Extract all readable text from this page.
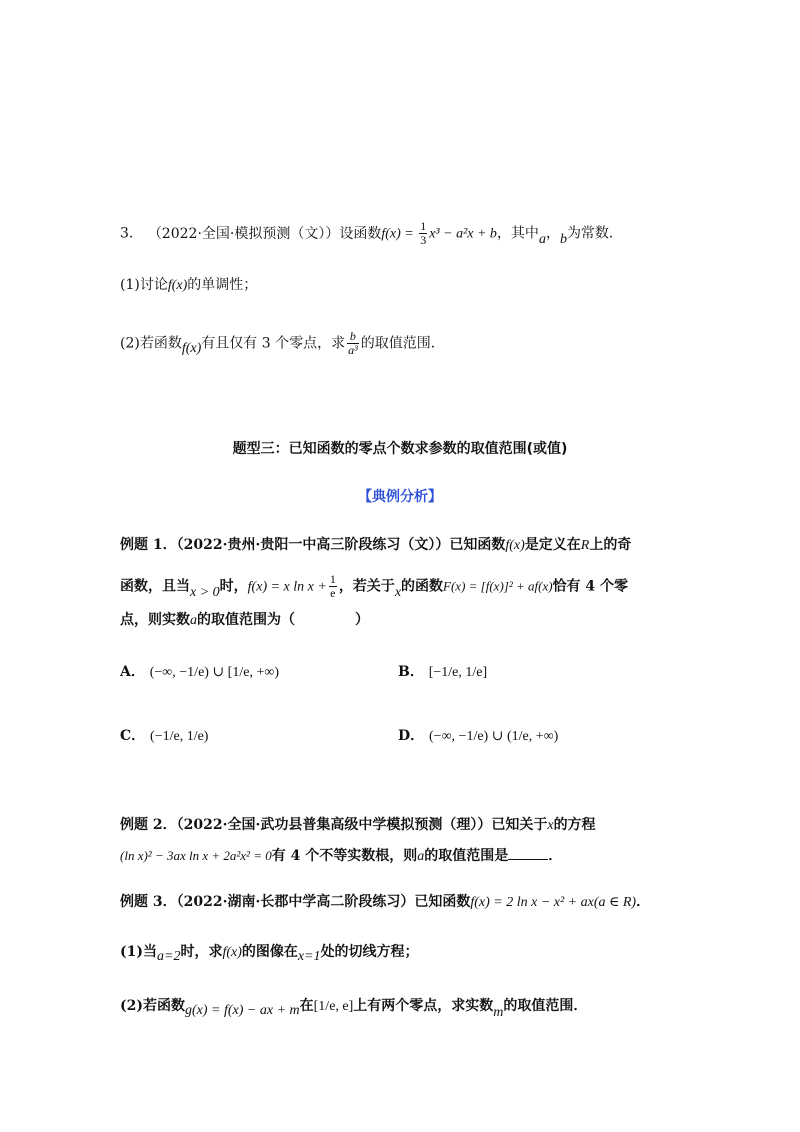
3. （2022·全国·模拟预测（文））设函数$f(x) = \frac{1}{3} x^3 - a^2x + b$，其中a，b为常数．
(1)讨论f(x)的单调性；
(2)若函数f(x)有且仅有 3 个零点，求 $\frac{b}{\text{a³}}$ 的取值范围．
题型三：已知函数的零点个数求参数的取值范围(或值)
【典例分析】
例题 1．（2022·贵州·贵阳一中高三阶段练习（文））已知函数f(x)是定义在R上的奇
函数，且当x > 0时，f(x) = x $\ln x + \frac{1}{e}$ ，若关于x的函数F(x) = [f(x)]² + af(x)恰有 4 个零
点，则实数a的取值范围为（	）
A． (−∞, −1/e) ∪ [1/e, +∞)	B． [−1/e, 1/e]
C． (−1/e, 1/e)	D． (−∞, −1/e) ∪ (1/e, +∞)
例题 2．（2022·全国·武功县普集高级中学模拟预测（理））已知关于x的方程
(ln x)² − 3ax ln x + 2a²x² = 0有 4 个不等实数根，则a的取值范围是	．
例题 3．（2022·湖南·长郡中学高二阶段练习）已知函数f(x) = 2 ln x − x² + ax(a ∈ R)．
(1)当a=2时，求f(x)的图像在x=1处的切线方程；
(2)若函数g(x) = f(x) − ax + m在[1/e, e]上有两个零点，求实数m的取值范围．
